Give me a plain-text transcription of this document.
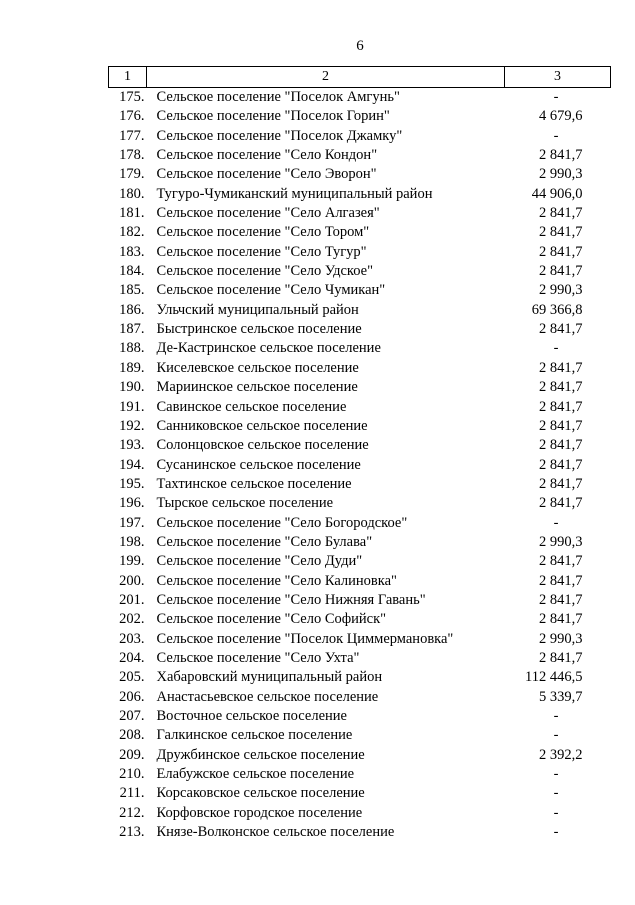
6
1	2	3
175.	Сельское поселение "Поселок Амгунь"	-
176.	Сельское поселение "Поселок Горин"	4 679,6
177.	Сельское поселение "Поселок Джамку"	-
178.	Сельское поселение "Село Кондон"	2 841,7
179.	Сельское поселение "Село Эворон"	2 990,3
180.	Тугуро-Чумиканский муниципальный район	44 906,0
181.	Сельское поселение "Село Алгазея"	2 841,7
182.	Сельское поселение "Село Тором"	2 841,7
183.	Сельское поселение "Село Тугур"	2 841,7
184.	Сельское поселение "Село Удское"	2 841,7
185.	Сельское поселение "Село Чумикан"	2 990,3
186.	Ульчский муниципальный район	69 366,8
187.	Быстринское сельское поселение	2 841,7
188.	Де-Кастринское сельское поселение	-
189.	Киселевское сельское поселение	2 841,7
190.	Мариинское сельское поселение	2 841,7
191.	Савинское сельское поселение	2 841,7
192.	Санниковское сельское поселение	2 841,7
193.	Солонцовское сельское поселение	2 841,7
194.	Сусанинское сельское поселение	2 841,7
195.	Тахтинское сельское поселение	2 841,7
196.	Тырское сельское поселение	2 841,7
197.	Сельское поселение "Село Богородское"	-
198.	Сельское поселение "Село Булава"	2 990,3
199.	Сельское поселение "Село Дуди"	2 841,7
200.	Сельское поселение "Село Калиновка"	2 841,7
201.	Сельское поселение "Село Нижняя Гавань"	2 841,7
202.	Сельское поселение "Село Софийск"	2 841,7
203.	Сельское поселение "Поселок Циммермановка"	2 990,3
204.	Сельское поселение "Село Ухта"	2 841,7
205.	Хабаровский муниципальный район	112 446,5
206.	Анастасьевское сельское поселение	5 339,7
207.	Восточное сельское поселение	-
208.	Галкинское сельское поселение	-
209.	Дружбинское сельское поселение	2 392,2
210.	Елабужское сельское поселение	-
211.	Корсаковское сельское поселение	-
212.	Корфовское городское поселение	-
213.	Князе-Волконское сельское поселение	-
